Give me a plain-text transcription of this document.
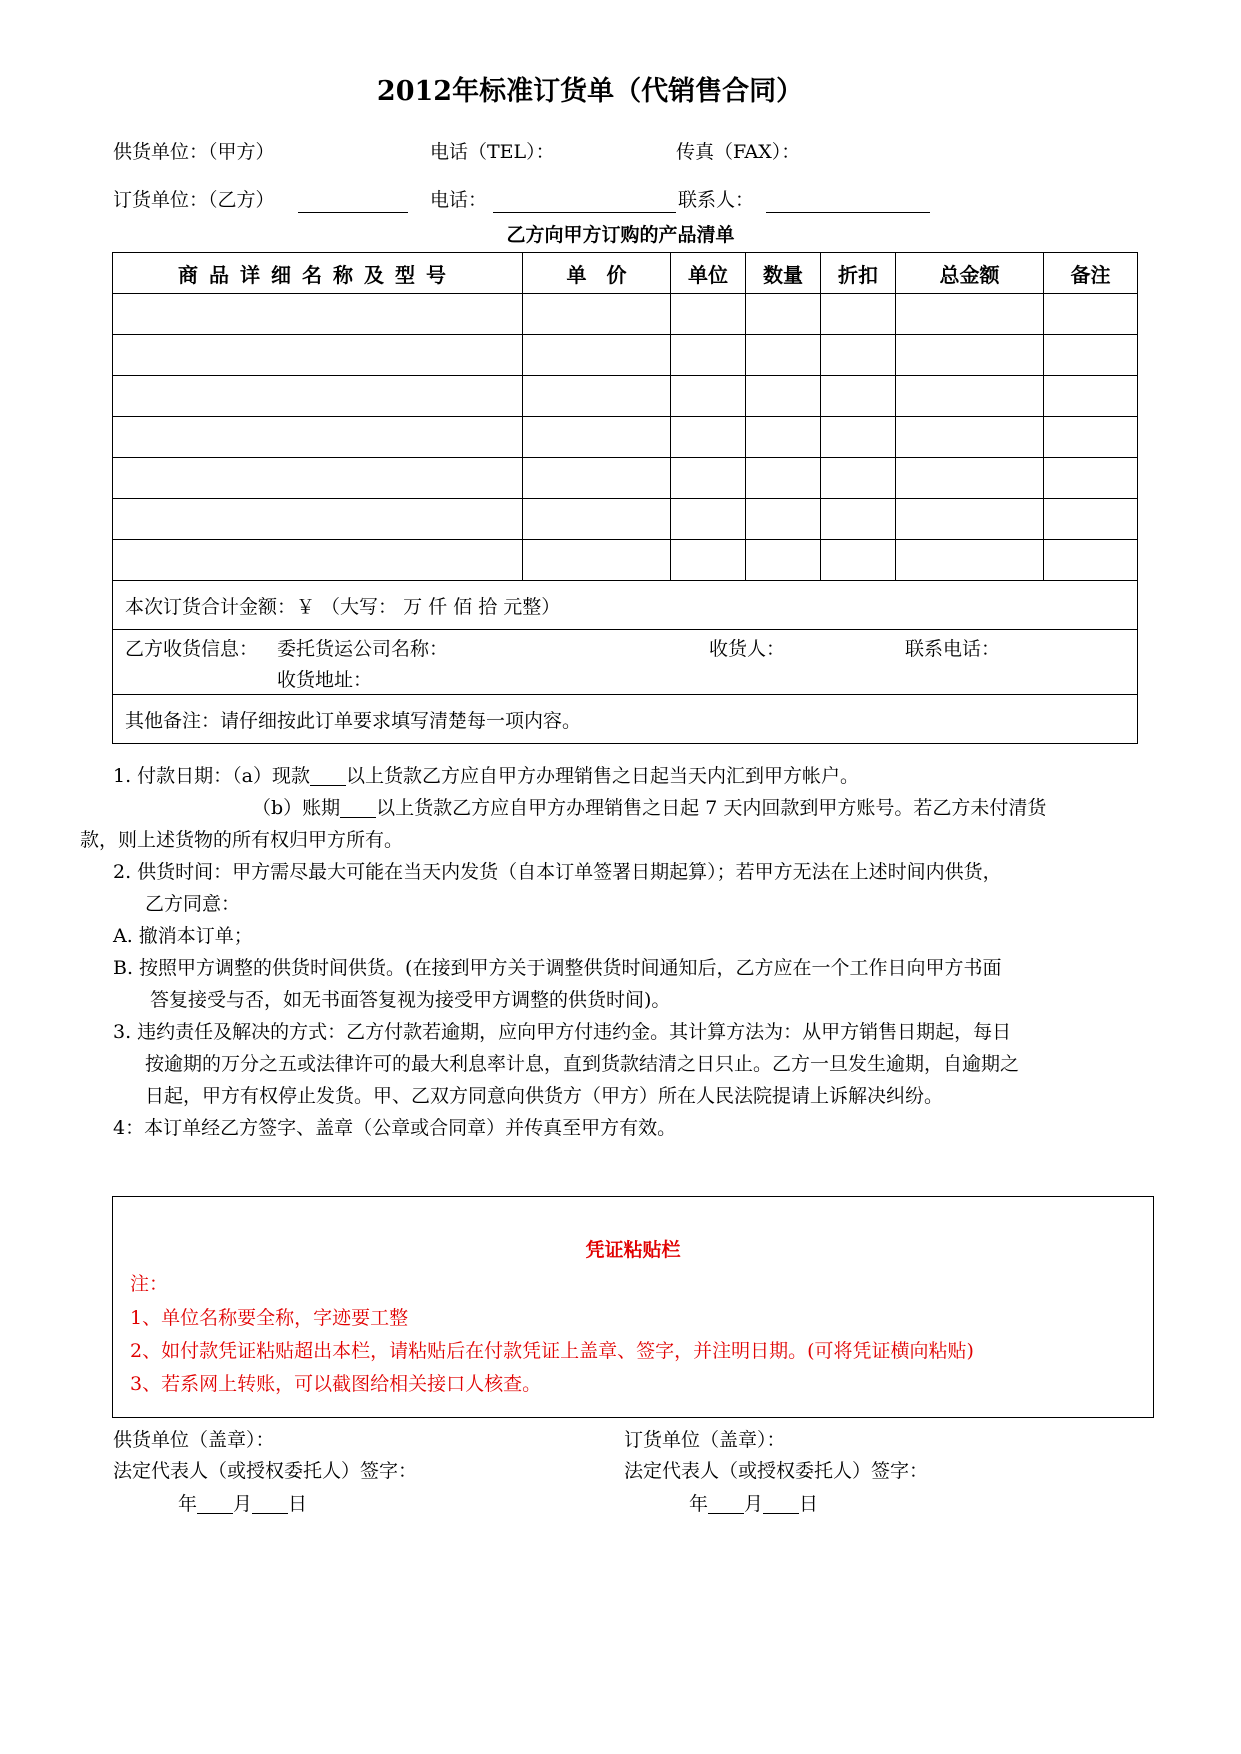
2012年标准订货单（代销售合同）
供货单位：（甲方）	电话（TEL）：	传真（FAX）：
订货单位：（乙方）	电话：	联系人：
乙方向甲方订购的产品清单
商品详细名称及型号	单　价	单位	数量	折扣	总金额	备注

本次订货合计金额：￥ （大写： 万 仟 佰 拾 元整）						

乙方收货信息： 委托货运公司名称： 收货人： 联系电话：
收货地址：						

其他备注：请仔细按此订单要求填写清楚每一项内容。						
1. 付款日期：（a）现款 以上货款乙方应自甲方办理销售之日起当天内汇到甲方帐户。
（b）账期 以上货款乙方应自甲方办理销售之日起 7 天内回款到甲方账号。若乙方未付清货
款，则上述货物的所有权归甲方所有。
2. 供货时间：甲方需尽最大可能在当天内发货（自本订单签署日期起算）；若甲方无法在上述时间内供货，
乙方同意：
A. 撤消本订单；
B. 按照甲方调整的供货时间供货。(在接到甲方关于调整供货时间通知后，乙方应在一个工作日向甲方书面
答复接受与否，如无书面答复视为接受甲方调整的供货时间)。
3. 违约责任及解决的方式：乙方付款若逾期，应向甲方付违约金。其计算方法为：从甲方销售日期起，每日
按逾期的万分之五或法律许可的最大利息率计息，直到货款结清之日只止。乙方一旦发生逾期，自逾期之
日起，甲方有权停止发货。甲、乙双方同意向供货方（甲方）所在人民法院提请上诉解决纠纷。
4：本订单经乙方签字、盖章（公章或合同章）并传真至甲方有效。
凭证粘贴栏
注：
1、单位名称要全称，字迹要工整
2、如付款凭证粘贴超出本栏，请粘贴后在付款凭证上盖章、签字，并注明日期。(可将凭证横向粘贴)
3、若系网上转账，可以截图给相关接口人核查。
供货单位（盖章）：
法定代表人（或授权委托人）签字：
年 月 日
订货单位（盖章）：
法定代表人（或授权委托人）签字：
年 月 日
